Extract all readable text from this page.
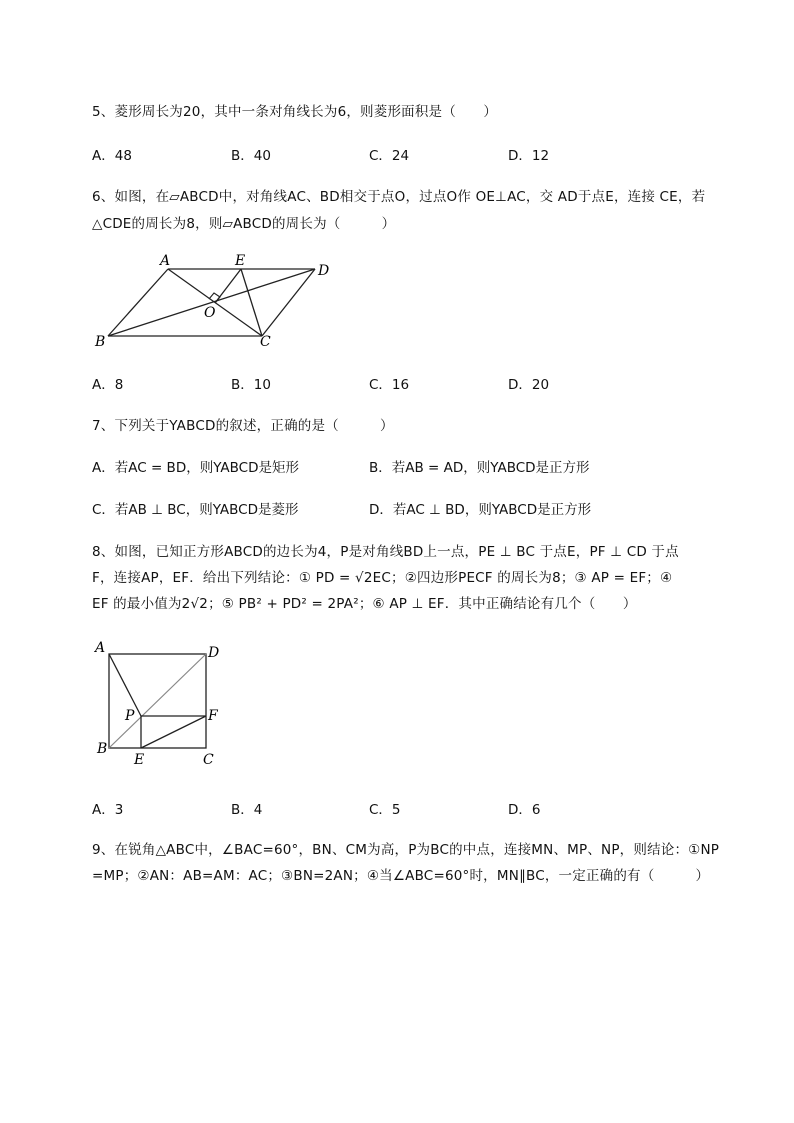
5、菱形周长为20，其中一条对角线长为6，则菱形面积是（　　）
A．48	B．40	C．24	D．12
6、如图，在▱ABCD中，对角线AC、BD相交于点O，过点O作 OE⊥AC，交 AD于点E，连接 CE，若
△CDE的周长为8，则▱ABCD的周长为（　　　）
A	E
D
O
B	C
A．8	B．10	C．16	D．20
7、下列关于YABCD的叙述，正确的是（　　　）
A．若AC = BD，则YABCD是矩形	B．若AB = AD，则YABCD是正方形
C．若AB ⊥ BC，则YABCD是菱形	D．若AC ⊥ BD，则YABCD是正方形
8、如图，已知正方形ABCD的边长为4，P是对角线BD上一点，PE ⊥ BC 于点E，PF ⊥ CD 于点
F，连接AP，EF．给出下列结论：① PD = √2EC；②四边形PECF 的周长为8；③ AP = EF；④
EF 的最小值为2√2；⑤ PB² + PD² = 2PA²；⑥ AP ⊥ EF．其中正确结论有几个（　　）
A	D
P	F
B
E	C
A．3	B．4	C．5	D．6
9、在锐角△ABC中，∠BAC=60°，BN、CM为高，P为BC的中点，连接MN、MP、NP，则结论：①NP
=MP；②AN：AB=AM：AC；③BN=2AN；④当∠ABC=60°时，MN∥BC，一定正确的有（　　　）
